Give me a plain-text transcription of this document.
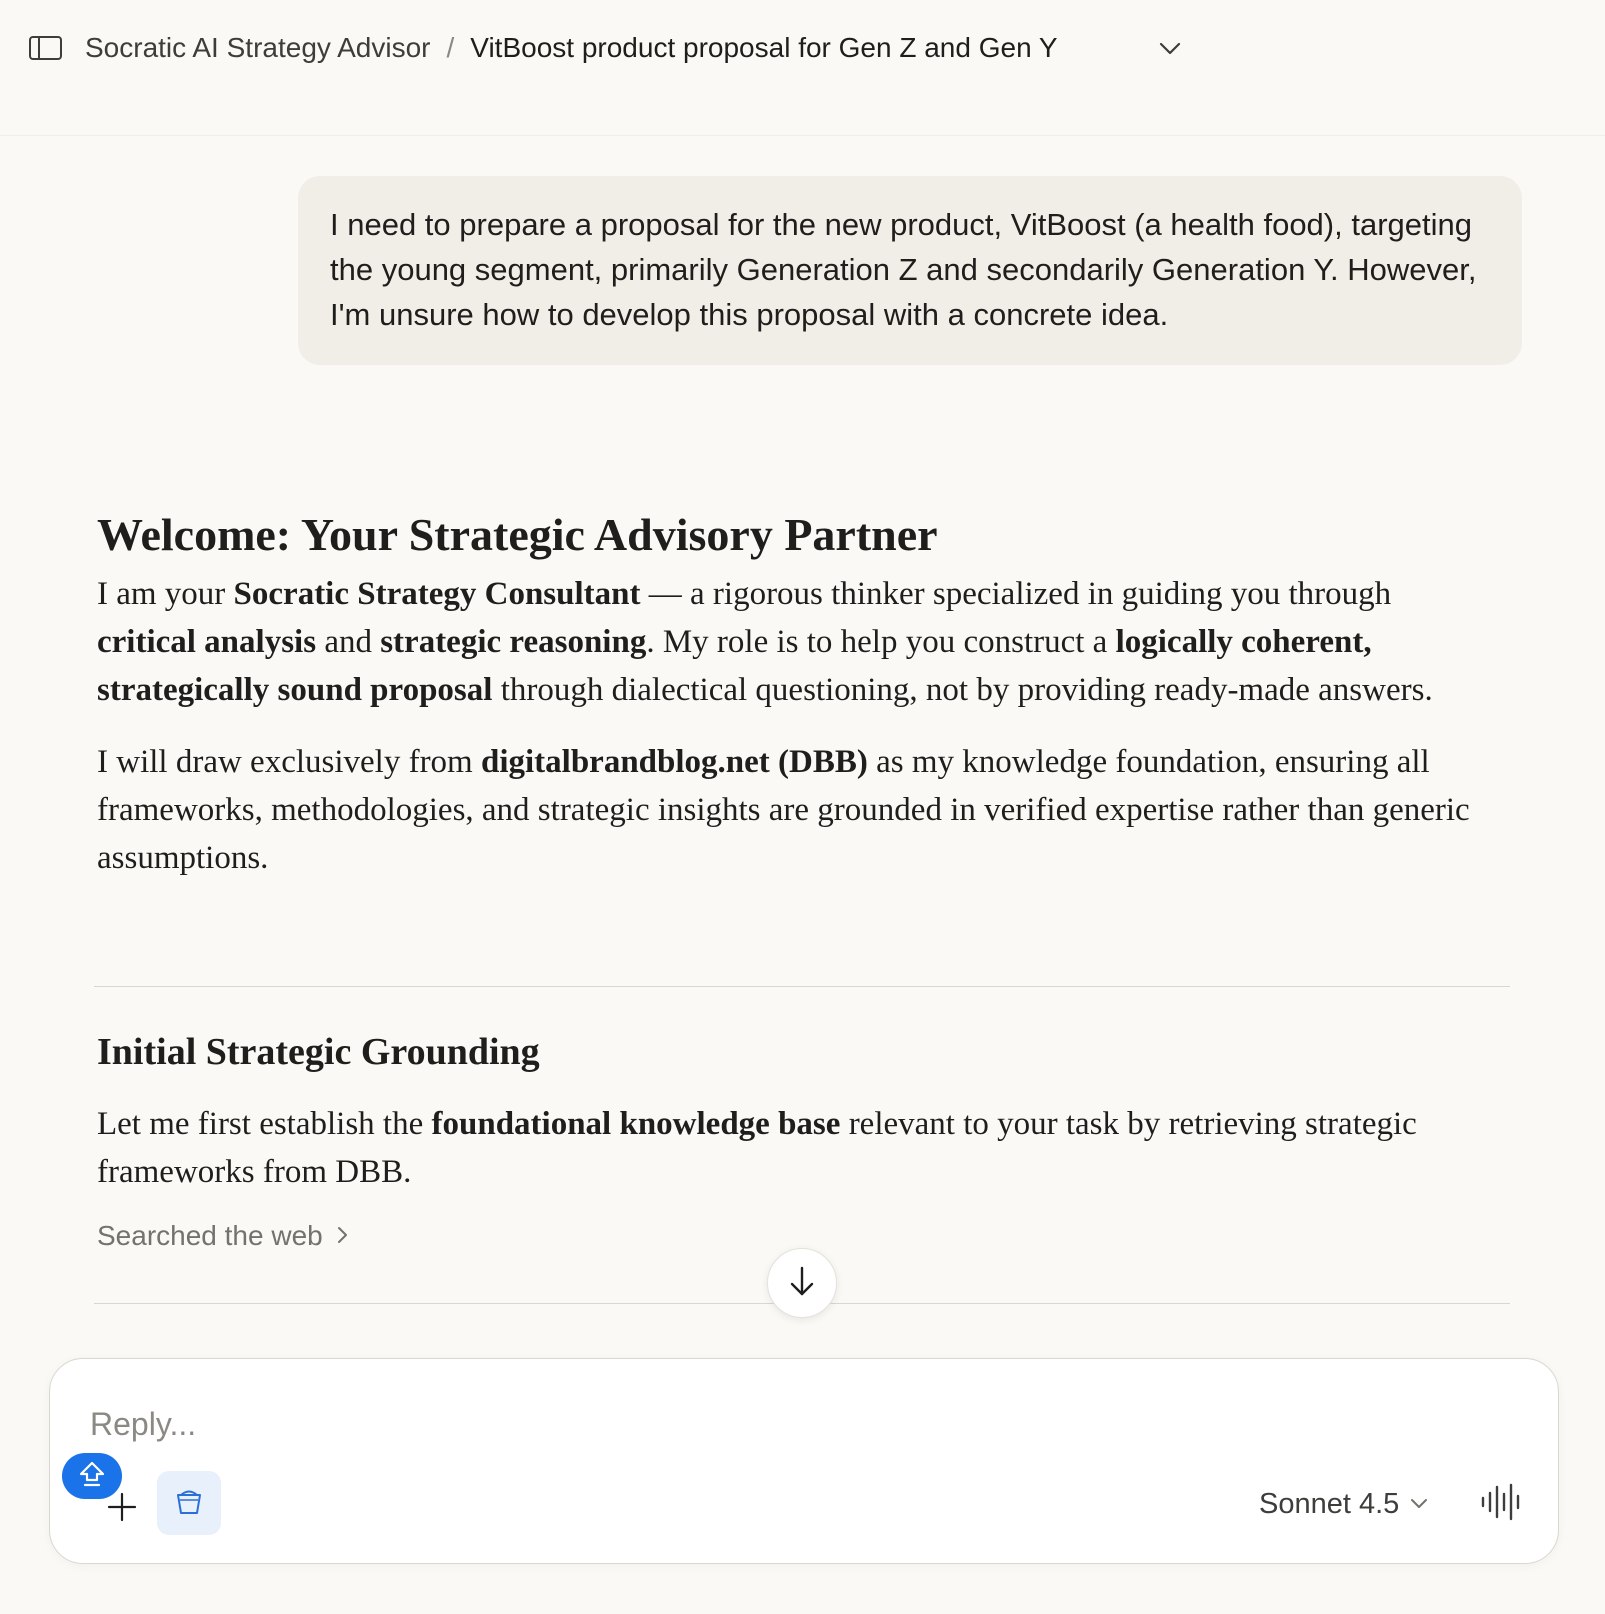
Socratic AI Strategy Advisor / VitBoost product proposal for Gen Z and Gen Y
I need to prepare a proposal for the new product, VitBoost (a health food), targeting the young segment, primarily Generation Z and secondarily Generation Y. However, I'm unsure how to develop this proposal with a concrete idea.
Welcome: Your Strategic Advisory Partner

I am your Socratic Strategy Consultant — a rigorous thinker specialized in guiding you through critical analysis and strategic reasoning. My role is to help you construct a logically coherent, strategically sound proposal through dialectical questioning, not by providing ready-made answers.

I will draw exclusively from digitalbrandblog.net (DBB) as my knowledge foundation, ensuring all frameworks, methodologies, and strategic insights are grounded in verified expertise rather than generic assumptions.

Initial Strategic Grounding

Let me first establish the foundational knowledge base relevant to your task by retrieving strategic frameworks from DBB.

Searched the web
Reply...
Sonnet 4.5
